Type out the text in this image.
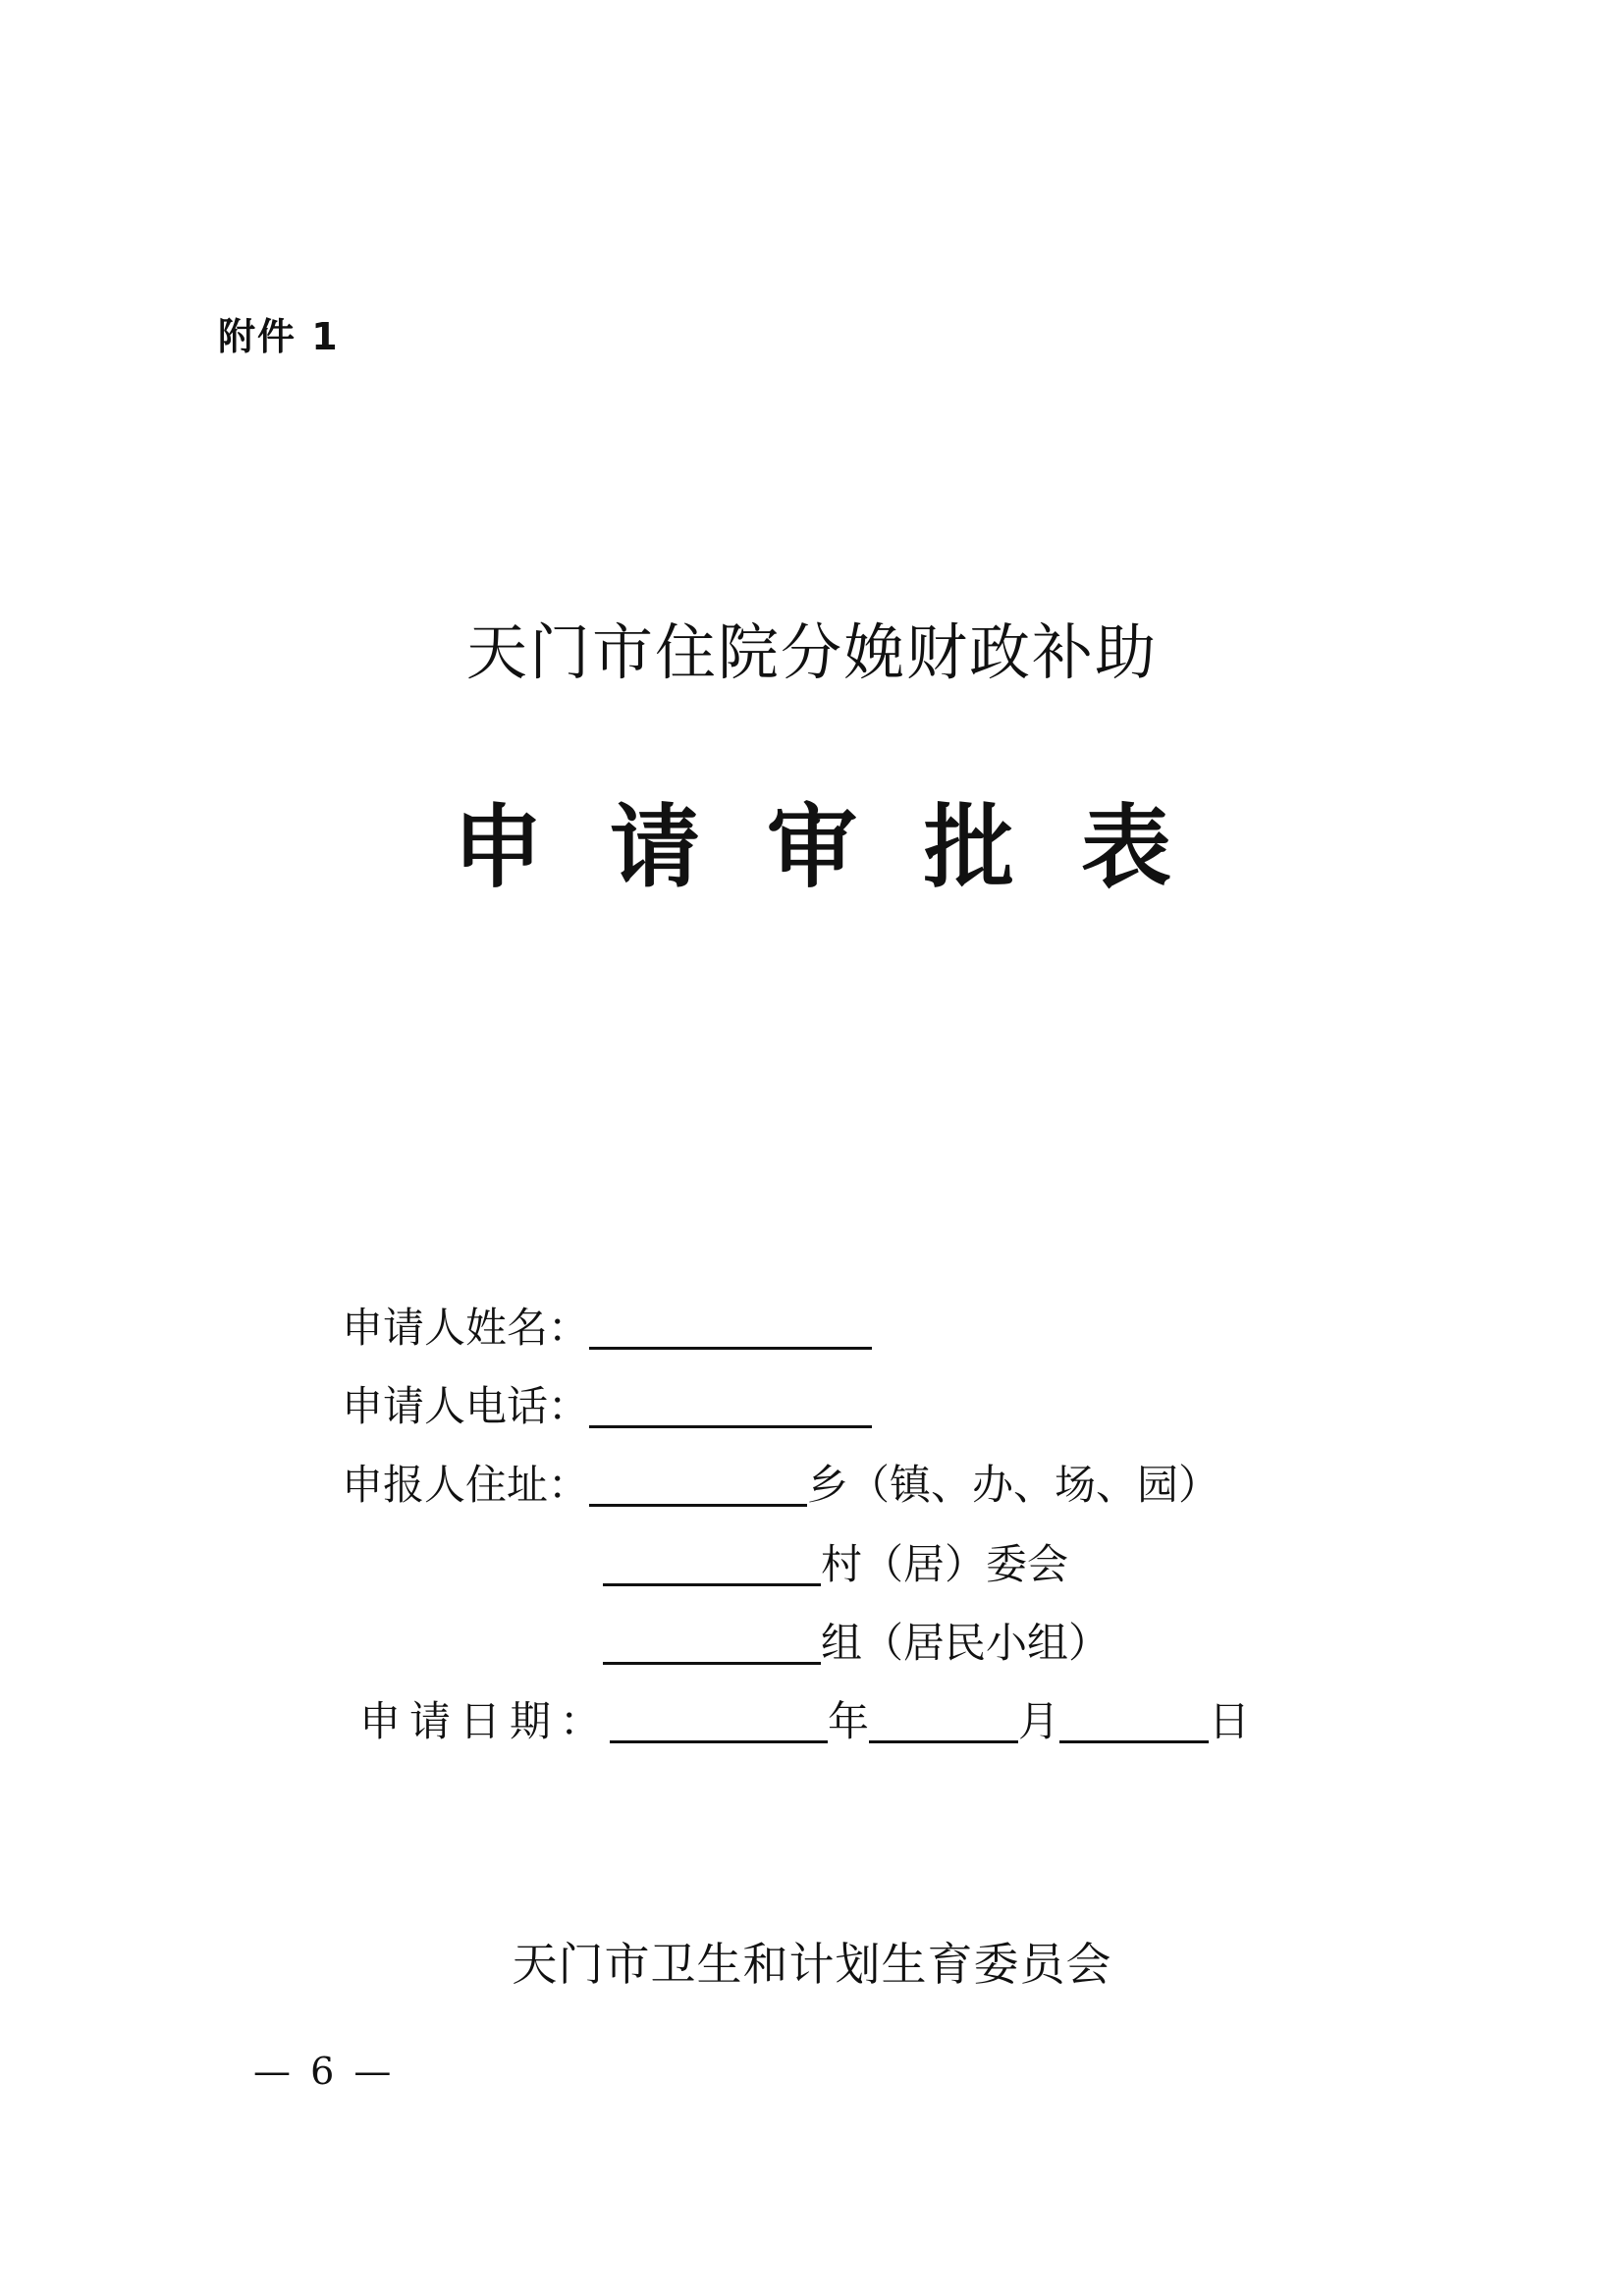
附件 1
天门市住院分娩财政补助
申请审批表
申请人姓名：
申请人电话：
申报人住址：	乡（镇、办、场、园）
村（居）委会
组（居民小组）
申请日期：	年	月	日
天门市卫生和计划生育委员会
— 6 —
